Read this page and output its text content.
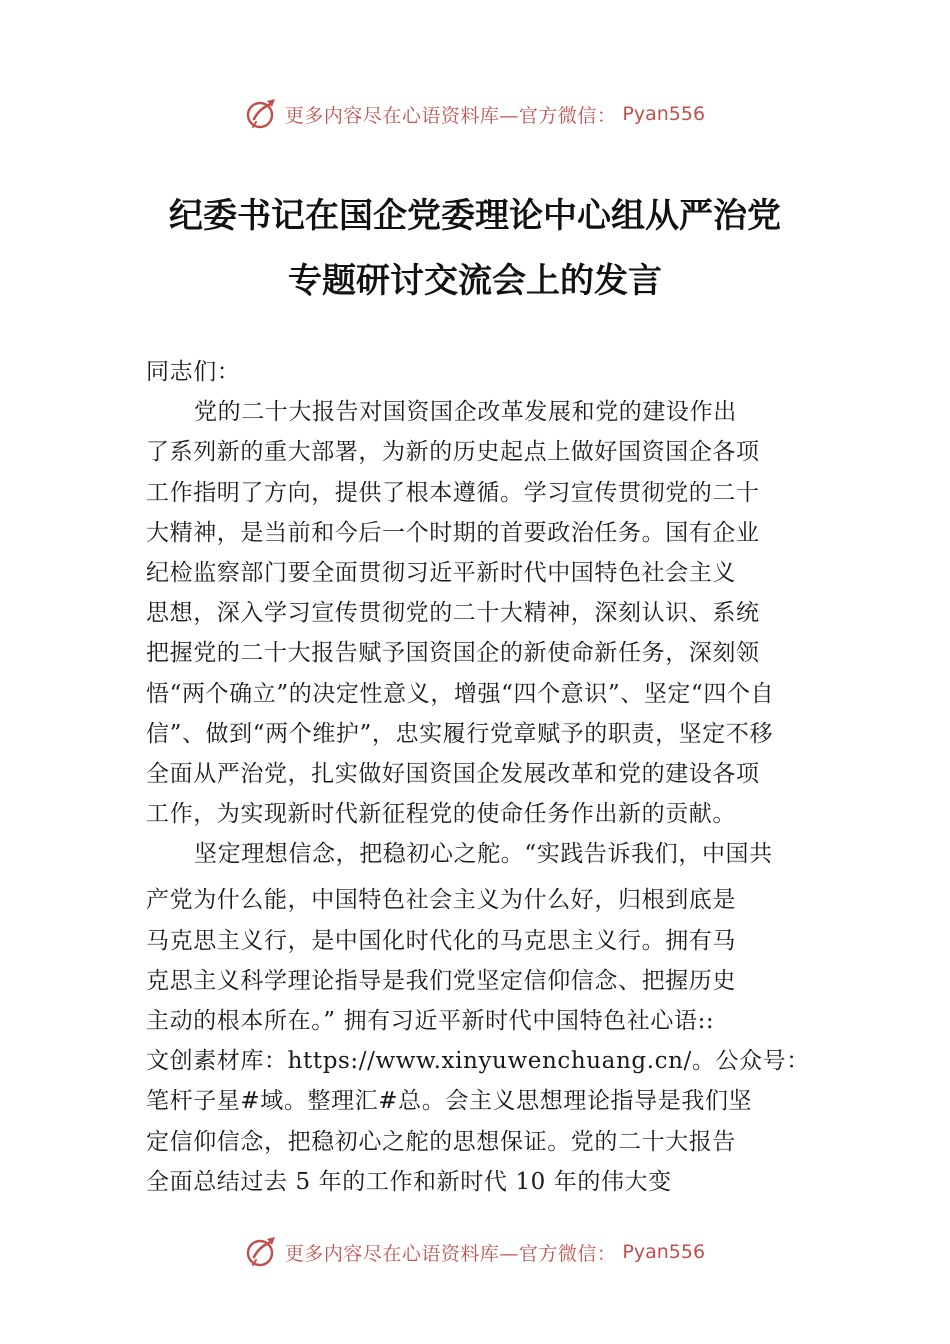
更多内容尽在心语资料库—官方微信： Pyan556
纪委书记在国企党委理论中心组从严治党
专题研讨交流会上的发言
同志们：
党的二十大报告对国资国企改革发展和党的建设作出
了系列新的重大部署，为新的历史起点上做好国资国企各项
工作指明了方向，提供了根本遵循。学习宣传贯彻党的二十
大精神，是当前和今后一个时期的首要政治任务。国有企业
纪检监察部门要全面贯彻习近平新时代中国特色社会主义
思想，深入学习宣传贯彻党的二十大精神，深刻认识、系统
把握党的二十大报告赋予国资国企的新使命新任务，深刻领
悟“两个确立”的决定性意义，增强“四个意识”、坚定“四个自
信”、做到“两个维护”，忠实履行党章赋予的职责，坚定不移
全面从严治党，扎实做好国资国企发展改革和党的建设各项
工作，为实现新时代新征程党的使命任务作出新的贡献。
坚定理想信念，把稳初心之舵。“实践告诉我们，中国共
产党为什么能，中国特色社会主义为什么好，归根到底是
马克思主义行，是中国化时代化的马克思主义行。拥有马
克思主义科学理论指导是我们党坚定信仰信念、把握历史
主动的根本所在。” 拥有习近平新时代中国特色社心语::
文创素材库：https://www.xinyuwenchuang.cn/。公众号：
笔杆子星#域。整理汇#总。会主义思想理论指导是我们坚
定信仰信念，把稳初心之舵的思想保证。党的二十大报告
全面总结过去 5 年的工作和新时代 10 年的伟大变
更多内容尽在心语资料库—官方微信： Pyan556
